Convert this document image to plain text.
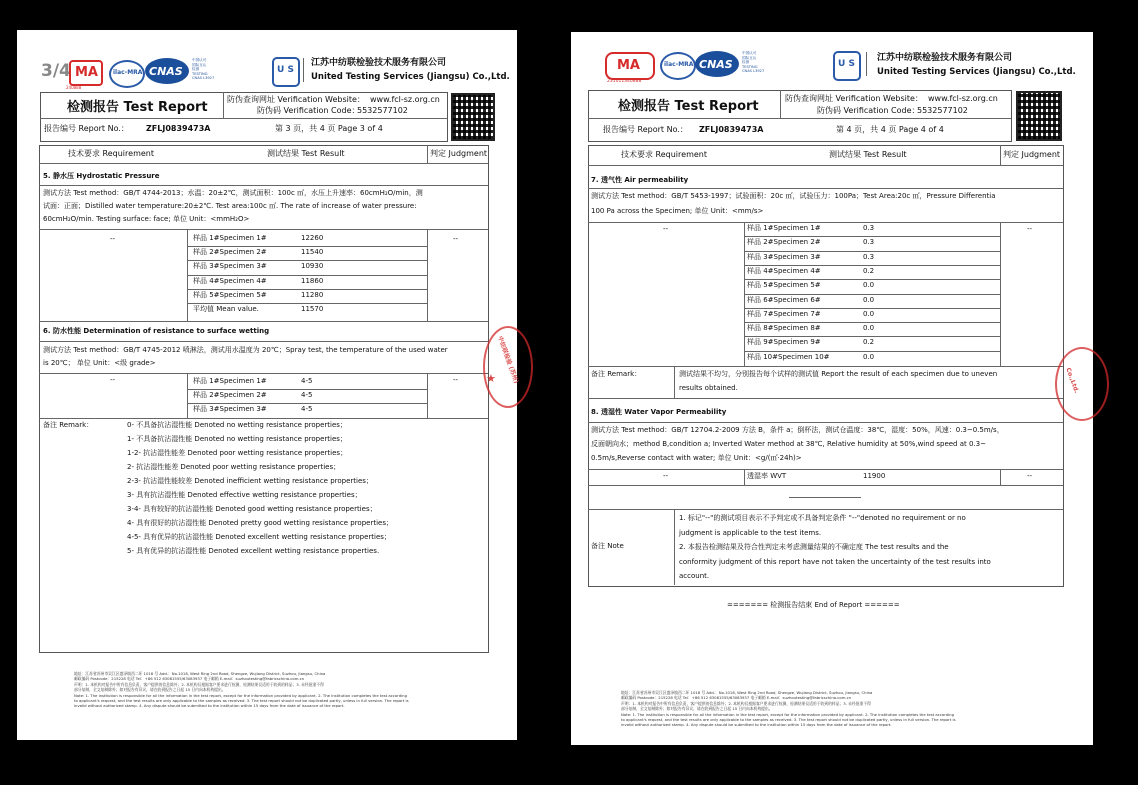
3/4 MA
240888
ilac-MRA CNAS
中国认可
国际互认
检测
TESTING
CNAS L3927
U S
江苏中纺联检验技术服务有限公司
United Testing Services (Jiangsu) Co.,Ltd.
检测报告 Test Report
防伪查询网址 Verification Website： www.fcl-sz.org.cn
防伪码 Verification Code：
5532577102
报告编号 Report No.： ZFLJ0839473A	第 3 页，共 4 页 Page 3 of 4
技术要求 Requirement	测试结果 Test Result	判定 Judgment
5. 静水压 Hydrostatic Pressure
测试方法 Test method：GB/T 4744-2013；水温：20±2℃，测试面积：100c ㎡，水压上升速率：60cmH₂O/min，测
试面：正面；Distilled water temperature:20±2℃. Test area:100c ㎡. The rate of increase of water pressure:
60cmH₂O/min. Testing surface: face; 单位 Unit：<mmH₂O>
--	--
样品 1#Specimen 1#	12260
样品 2#Specimen 2#	11540
样品 3#Specimen 3#	10930
样品 4#Specimen 4#	11860
样品 5#Specimen 5#	11280
平均值 Mean value.	11570
6. 防水性能 Determination of resistance to surface wetting
测试方法 Test method：GB/T 4745-2012 喷淋法，测试用水温度为 20℃；Spray test, the temperature of the used water
is 20℃； 单位 Unit：<级 grade>
--	--
样品 1#Specimen 1#	4-5
样品 2#Specimen 2#	4-5
样品 3#Specimen 3#	4-5
备注 Remark：	0- 不具备抗沾湿性能 Denoted no wetting resistance properties；
1- 不具备抗沾湿性能 Denoted no wetting resistance properties；
1-2- 抗沾湿性能差 Denoted poor wetting resistance properties；
2- 抗沾湿性能差 Denoted poor wetting resistance properties；
2-3- 抗沾湿性能较差 Denoted inefficient wetting resistance properties；
3- 具有抗沾湿性能 Denoted effective wetting resistance properties；
3-4- 具有较好的抗沾湿性能 Denoted good wetting resistance properties；
4- 具有很好的抗沾湿性能 Denoted pretty good wetting resistance properties；
4-5- 具有优异的抗沾湿性能 Denoted excellent wetting resistance properties；
5- 具有优异的抗沾湿性能 Denoted excellent wetting resistance properties.
中纺联检验 (苏州)
★
地址：江苏省苏州市吴江区盛泽镇西二环 1018 号 Add.：No.1018, West Ring 2nd Road, Shengze, Wujiang District, Suzhou, Jiangsu, China
邮政编码 Postcode：215228 电话 Tel：+86 512 63081555/63083937 电子邮箱 E-mail：suzhoutesting@fabricschina.com.cn
声明：1. 本机构对报告中所有信息负责，客户提供的信息除外；2. 本机构仅根据客户要求进行检测，检测结果仅适用于收到的样品；3. 未经批准不得
部分复制，全文复制除外；如对报告有异议，请在收到报告之日起 15 日内向本机构提出。
Note: 1. The institution is responsible for all the information in the test report, except for the information provided by applicant. 2. The institution completes the test according
to applicant's request, and the test results are only applicable to the samples as received. 3. The test report should not be duplicated partly, unless in full version. The report is
invalid without authorized stamp. 4. Any dispute should be submitted to the institution within 15 days from the date of issuance of the report.
MA
231011340888
ilac-MRA CNAS
中国认可
国际互认
检测
TESTING
CNAS L3927
U S
江苏中纺联检验技术服务有限公司
United Testing Services (Jiangsu) Co.,Ltd.
检测报告 Test Report
防伪查询网址 Verification Website： www.fcl-sz.org.cn
防伪码 Verification Code：
5532577102
报告编号 Report No.： ZFLJ0839473A	第 4 页，共 4 页 Page 4 of 4
技术要求 Requirement	测试结果 Test Result	判定 Judgment
7. 透气性 Air permeability
测试方法 Test method：GB/T 5453-1997；试验面积：20c ㎡，试验压力：100Pa；Test Area:20c ㎡，Pressure Differentia
100 Pa across the Specimen; 单位 Unit：<mm/s>
--	--
样品 1#Specimen 1#	0.3
样品 2#Specimen 2#	0.3
样品 3#Specimen 3#	0.3
样品 4#Specimen 4#	0.2
样品 5#Specimen 5#	0.0
样品 6#Specimen 6#	0.0
样品 7#Specimen 7#	0.0
样品 8#Specimen 8#	0.0
样品 9#Specimen 9#	0.2
样品 10#Specimen 10#	0.0
备注 Remark：	测试结果不均匀，分别报告每个试样的测试值 Report the result of each specimen due to uneven
results obtained.
8. 透湿性 Water Vapor Permeability
测试方法 Test method：GB/T 12704.2-2009 方法 B，条件 a；倒杯法，测试仓温度：38℃，湿度：50%，风速：0.3~0.5m/s，
反面朝向水；method B,condition a; Inverted Water method at 38℃, Relative humidity at 50%,wind speed at 0.3~
0.5m/s,Reverse contact with water; 单位 Unit：<g/(㎡·24h)>
--	透湿率 WVT	11900	--
备注 Note
1. 标记"--"的测试项目表示不予判定或不具备判定条件 "--"denoted no requirement or no
judgment is applicable to the test items.
2. 本报告检测结果及符合性判定未考虑测量结果的不确定度 The test results and the
conformity judgment of this report have not taken the uncertainty of the test results into
account.
======= 检测报告结束 End of Report ======
Co.,Ltd.
地址：江苏省苏州市吴江区盛泽镇西二环 1018 号 Add.：No.1018, West Ring 2nd Road, Shengze, Wujiang District, Suzhou, Jiangsu, China
邮政编码 Postcode：215228 电话 Tel：+86 512 63081555/63083937 电子邮箱 E-mail：suzhoutesting@fabricschina.com.cn
声明：1. 本机构对报告中所有信息负责，客户提供的信息除外；2. 本机构仅根据客户要求进行检测，检测结果仅适用于收到的样品；3. 未经批准不得
部分复制，全文复制除外；如对报告有异议，请在收到报告之日起 15 日内向本机构提出。
Note: 1. The institution is responsible for all the information in the test report, except for the information provided by applicant. 2. The institution completes the test according
to applicant's request, and the test results are only applicable to the samples as received. 3. The test report should not be duplicated partly, unless in full version. The report is
invalid without authorized stamp. 4. Any dispute should be submitted to the institution within 15 days from the date of issuance of the report.
